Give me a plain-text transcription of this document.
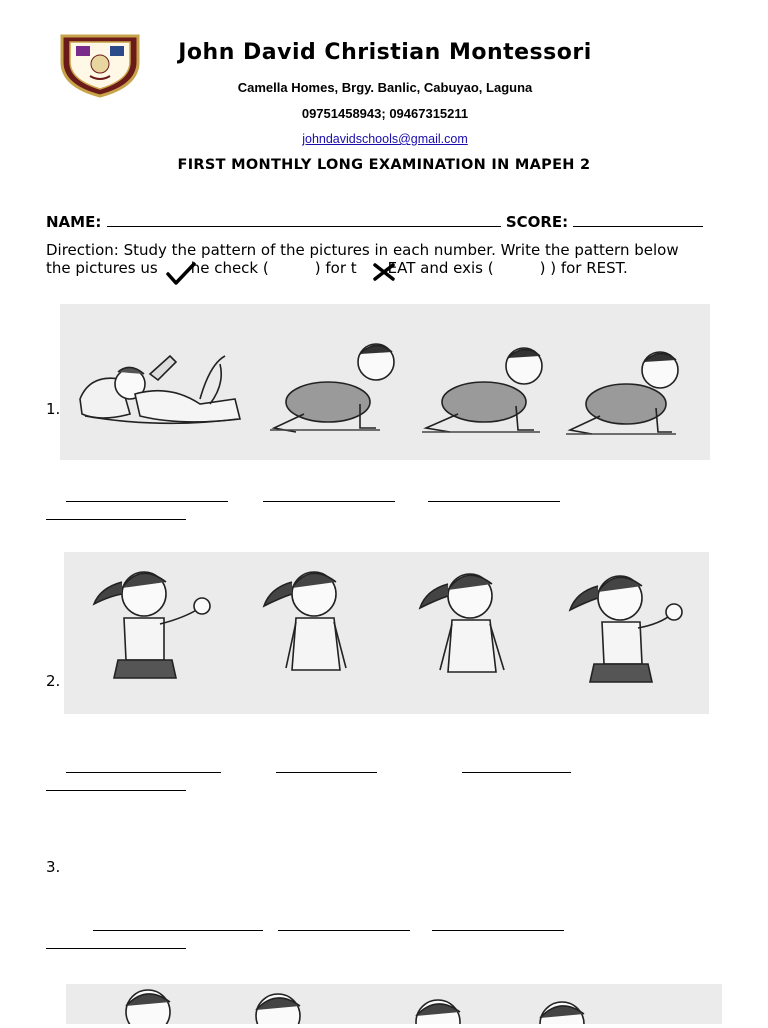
John David Christian Montessori
Camella Homes, Brgy. Banlic, Cabuyao, Laguna
09751458943; 09467315211
johndavidschools@gmail.com
FIRST MONTHLY LONG EXAMINATION IN MAPEH 2
NAME:	SCORE:
Direction: Study the pattern of the pictures in each number. Write the pattern below
the pictures us he check (	) for t EAT and exis (	) ) for REST.
1.
2.
3.
